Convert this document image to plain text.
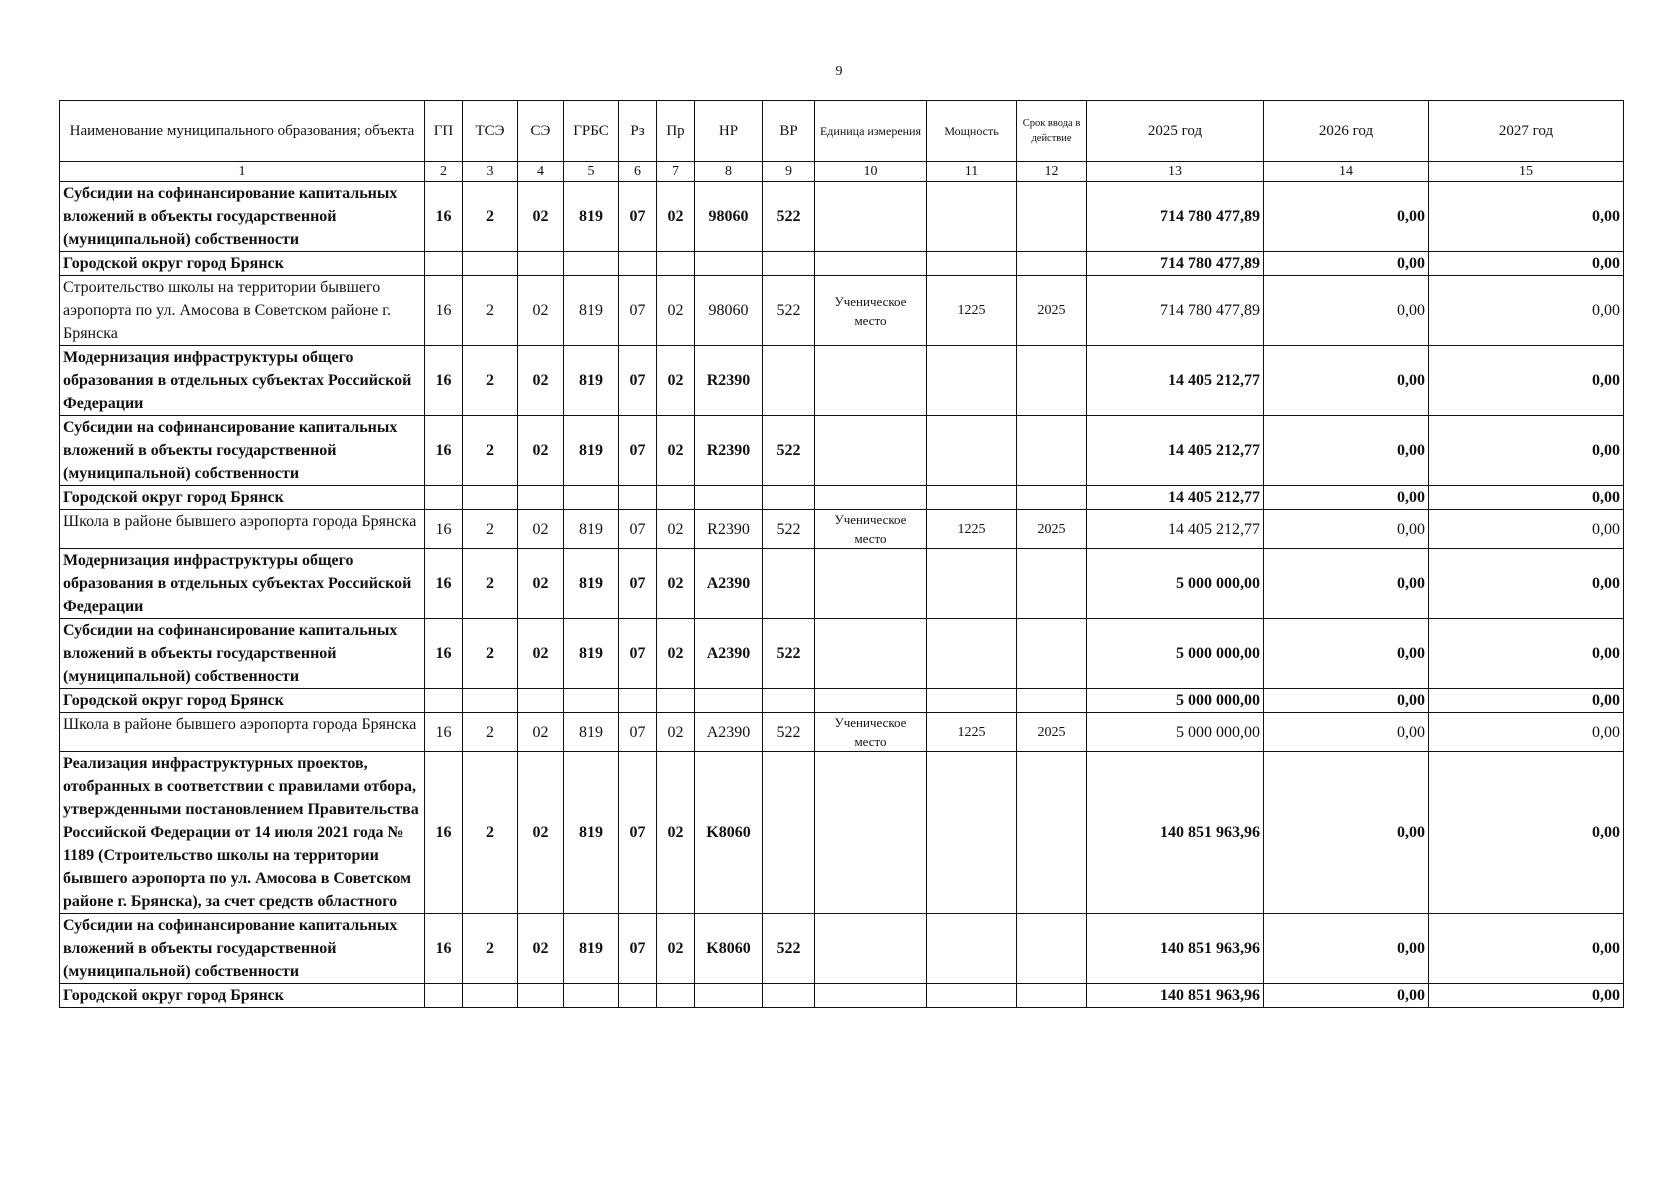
9
Наименование муниципального образования; объекта	ГП	ТСЭ	СЭ	ГРБС	Рз	Пр	НР	ВР	Единица измерения	Мощность	Срок ввода в действие	2025 год	2026 год	2027 год
1	2	3	4	5	6	7	8	9	10	11	12	13	14	15
Субсидии на софинансирование капитальных вложений в объекты государственной (муниципальной) собственности	16	2	02	819	07	02	98060	522				714 780 477,89	0,00	0,00
Городской округ город Брянск												714 780 477,89	0,00	0,00
Строительство школы на территории бывшего аэропорта по ул. Амосова в Советском районе г. Брянска	16	2	02	819	07	02	98060	522	Ученическое место	1225	2025	714 780 477,89	0,00	0,00
Модернизация инфраструктуры общего образования в отдельных субъектах Российской Федерации	16	2	02	819	07	02	R2390					14 405 212,77	0,00	0,00
Субсидии на софинансирование капитальных вложений в объекты государственной (муниципальной) собственности	16	2	02	819	07	02	R2390	522				14 405 212,77	0,00	0,00
Городской округ город Брянск												14 405 212,77	0,00	0,00
Школа в районе бывшего аэропорта города Брянска	16	2	02	819	07	02	R2390	522	Ученическое место	1225	2025	14 405 212,77	0,00	0,00
Модернизация инфраструктуры общего образования в отдельных субъектах Российской Федерации	16	2	02	819	07	02	A2390					5 000 000,00	0,00	0,00
Субсидии на софинансирование капитальных вложений в объекты государственной (муниципальной) собственности	16	2	02	819	07	02	A2390	522				5 000 000,00	0,00	0,00
Городской округ город Брянск												5 000 000,00	0,00	0,00
Школа в районе бывшего аэропорта города Брянска	16	2	02	819	07	02	A2390	522	Ученическое место	1225	2025	5 000 000,00	0,00	0,00
Реализация инфраструктурных проектов, отобранных в соответствии с правилами отбора, утвержденными постановлением Правительства Российской Федерации от 14 июля 2021 года № 1189 (Строительство школы на территории бывшего аэропорта по ул. Амосова в Советском районе г. Брянска), за счет средств областного	16	2	02	819	07	02	K8060					140 851 963,96	0,00	0,00
Субсидии на софинансирование капитальных вложений в объекты государственной (муниципальной) собственности	16	2	02	819	07	02	K8060	522				140 851 963,96	0,00	0,00
Городской округ город Брянск												140 851 963,96	0,00	0,00
